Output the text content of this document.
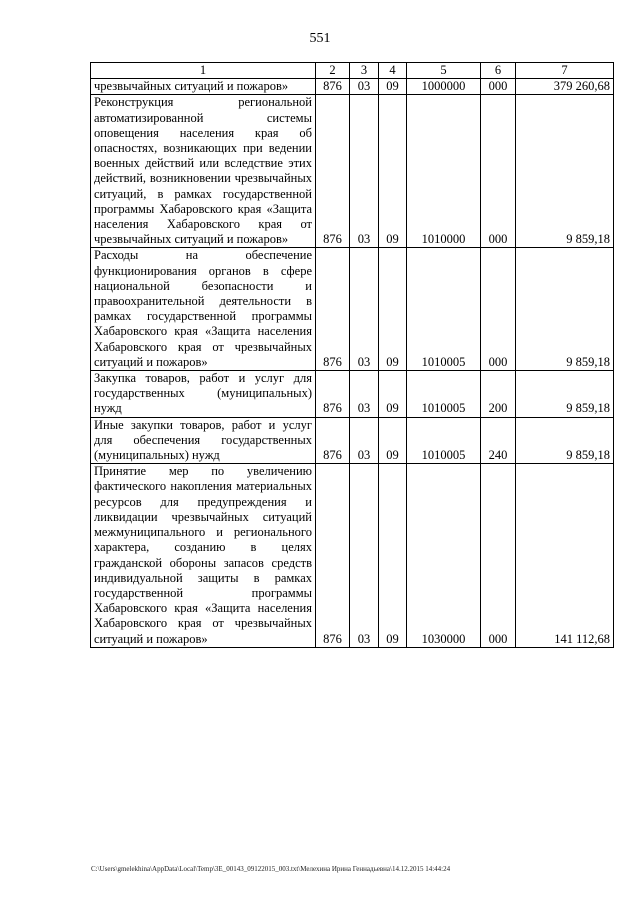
551
1	2	3	4	5	6	7
чрезвычайных ситуаций и пожаров»	876	03	09	1000000	000	379 260,68
Реконструкция региональной автоматизированной системы оповещения населения края об опасностях, возникающих при ведении военных действий или вследствие этих действий, возникновении чрезвычайных ситуаций, в рамках государственной программы Хабаровского края «Защита населения Хабаровского края от чрезвычайных ситуаций и пожаров»	876	03	09	1010000	000	9 859,18
Расходы на обеспечение функционирования органов в сфере национальной безопасности и правоохранительной деятельности в рамках государственной программы Хабаровского края «Защита населения Хабаровского края от чрезвычайных ситуаций и пожаров»	876	03	09	1010005	000	9 859,18
Закупка товаров, работ и услуг для государственных (муниципальных) нужд	876	03	09	1010005	200	9 859,18
Иные закупки товаров, работ и услуг для обеспечения государственных (муниципальных) нужд	876	03	09	1010005	240	9 859,18
Принятие мер по увеличению фактического накопления материальных ресурсов для предупреждения и ликвидации чрезвычайных ситуаций межмуниципального и регионального характера, созданию в целях гражданской обороны запасов средств индивидуальной защиты в рамках государственной программы Хабаровского края «Защита населения Хабаровского края от чрезвычайных ситуаций и пожаров»	876	03	09	1030000	000	141 112,68
C:\Users\gmelekhina\AppData\Local\Temp\3E_00143_09122015_003.txt\Мелехина Ирина Геннадьевна\14.12.2015 14:44:24
